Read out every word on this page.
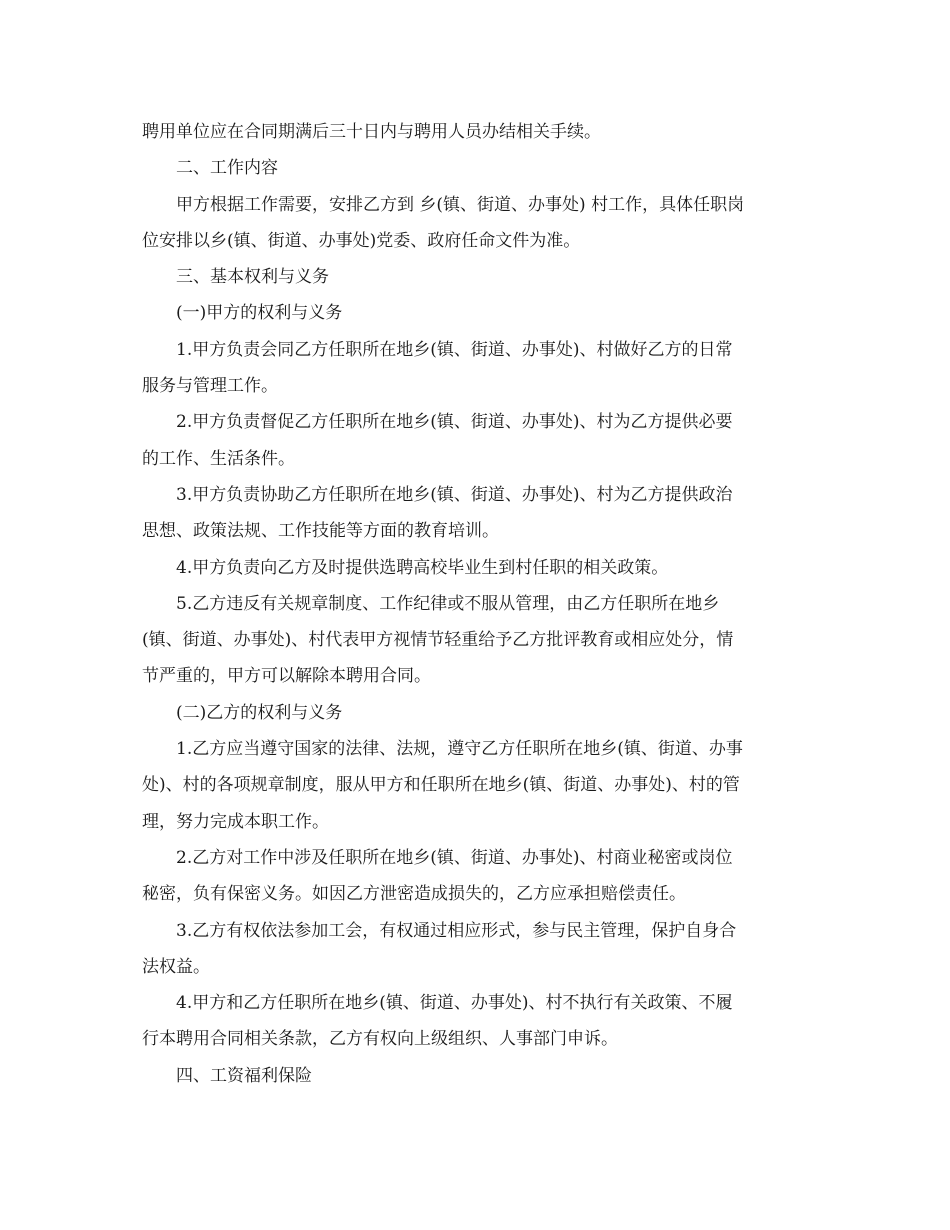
聘用单位应在合同期满后三十日内与聘用人员办结相关手续。
二、工作内容
甲方根据工作需要，安排乙方到 乡(镇、街道、办事处) 村工作，具体任职岗
位安排以乡(镇、街道、办事处)党委、政府任命文件为准。
三、基本权利与义务
(一)甲方的权利与义务
1.甲方负责会同乙方任职所在地乡(镇、街道、办事处)、村做好乙方的日常
服务与管理工作。
2.甲方负责督促乙方任职所在地乡(镇、街道、办事处)、村为乙方提供必要
的工作、生活条件。
3.甲方负责协助乙方任职所在地乡(镇、街道、办事处)、村为乙方提供政治
思想、政策法规、工作技能等方面的教育培训。
4.甲方负责向乙方及时提供选聘高校毕业生到村任职的相关政策。
5.乙方违反有关规章制度、工作纪律或不服从管理，由乙方任职所在地乡
(镇、街道、办事处)、村代表甲方视情节轻重给予乙方批评教育或相应处分，情
节严重的，甲方可以解除本聘用合同。
(二)乙方的权利与义务
1.乙方应当遵守国家的法律、法规，遵守乙方任职所在地乡(镇、街道、办事
处)、村的各项规章制度，服从甲方和任职所在地乡(镇、街道、办事处)、村的管
理，努力完成本职工作。
2.乙方对工作中涉及任职所在地乡(镇、街道、办事处)、村商业秘密或岗位
秘密，负有保密义务。如因乙方泄密造成损失的，乙方应承担赔偿责任。
3.乙方有权依法参加工会，有权通过相应形式，参与民主管理，保护自身合
法权益。
4.甲方和乙方任职所在地乡(镇、街道、办事处)、村不执行有关政策、不履
行本聘用合同相关条款，乙方有权向上级组织、人事部门申诉。
四、工资福利保险
